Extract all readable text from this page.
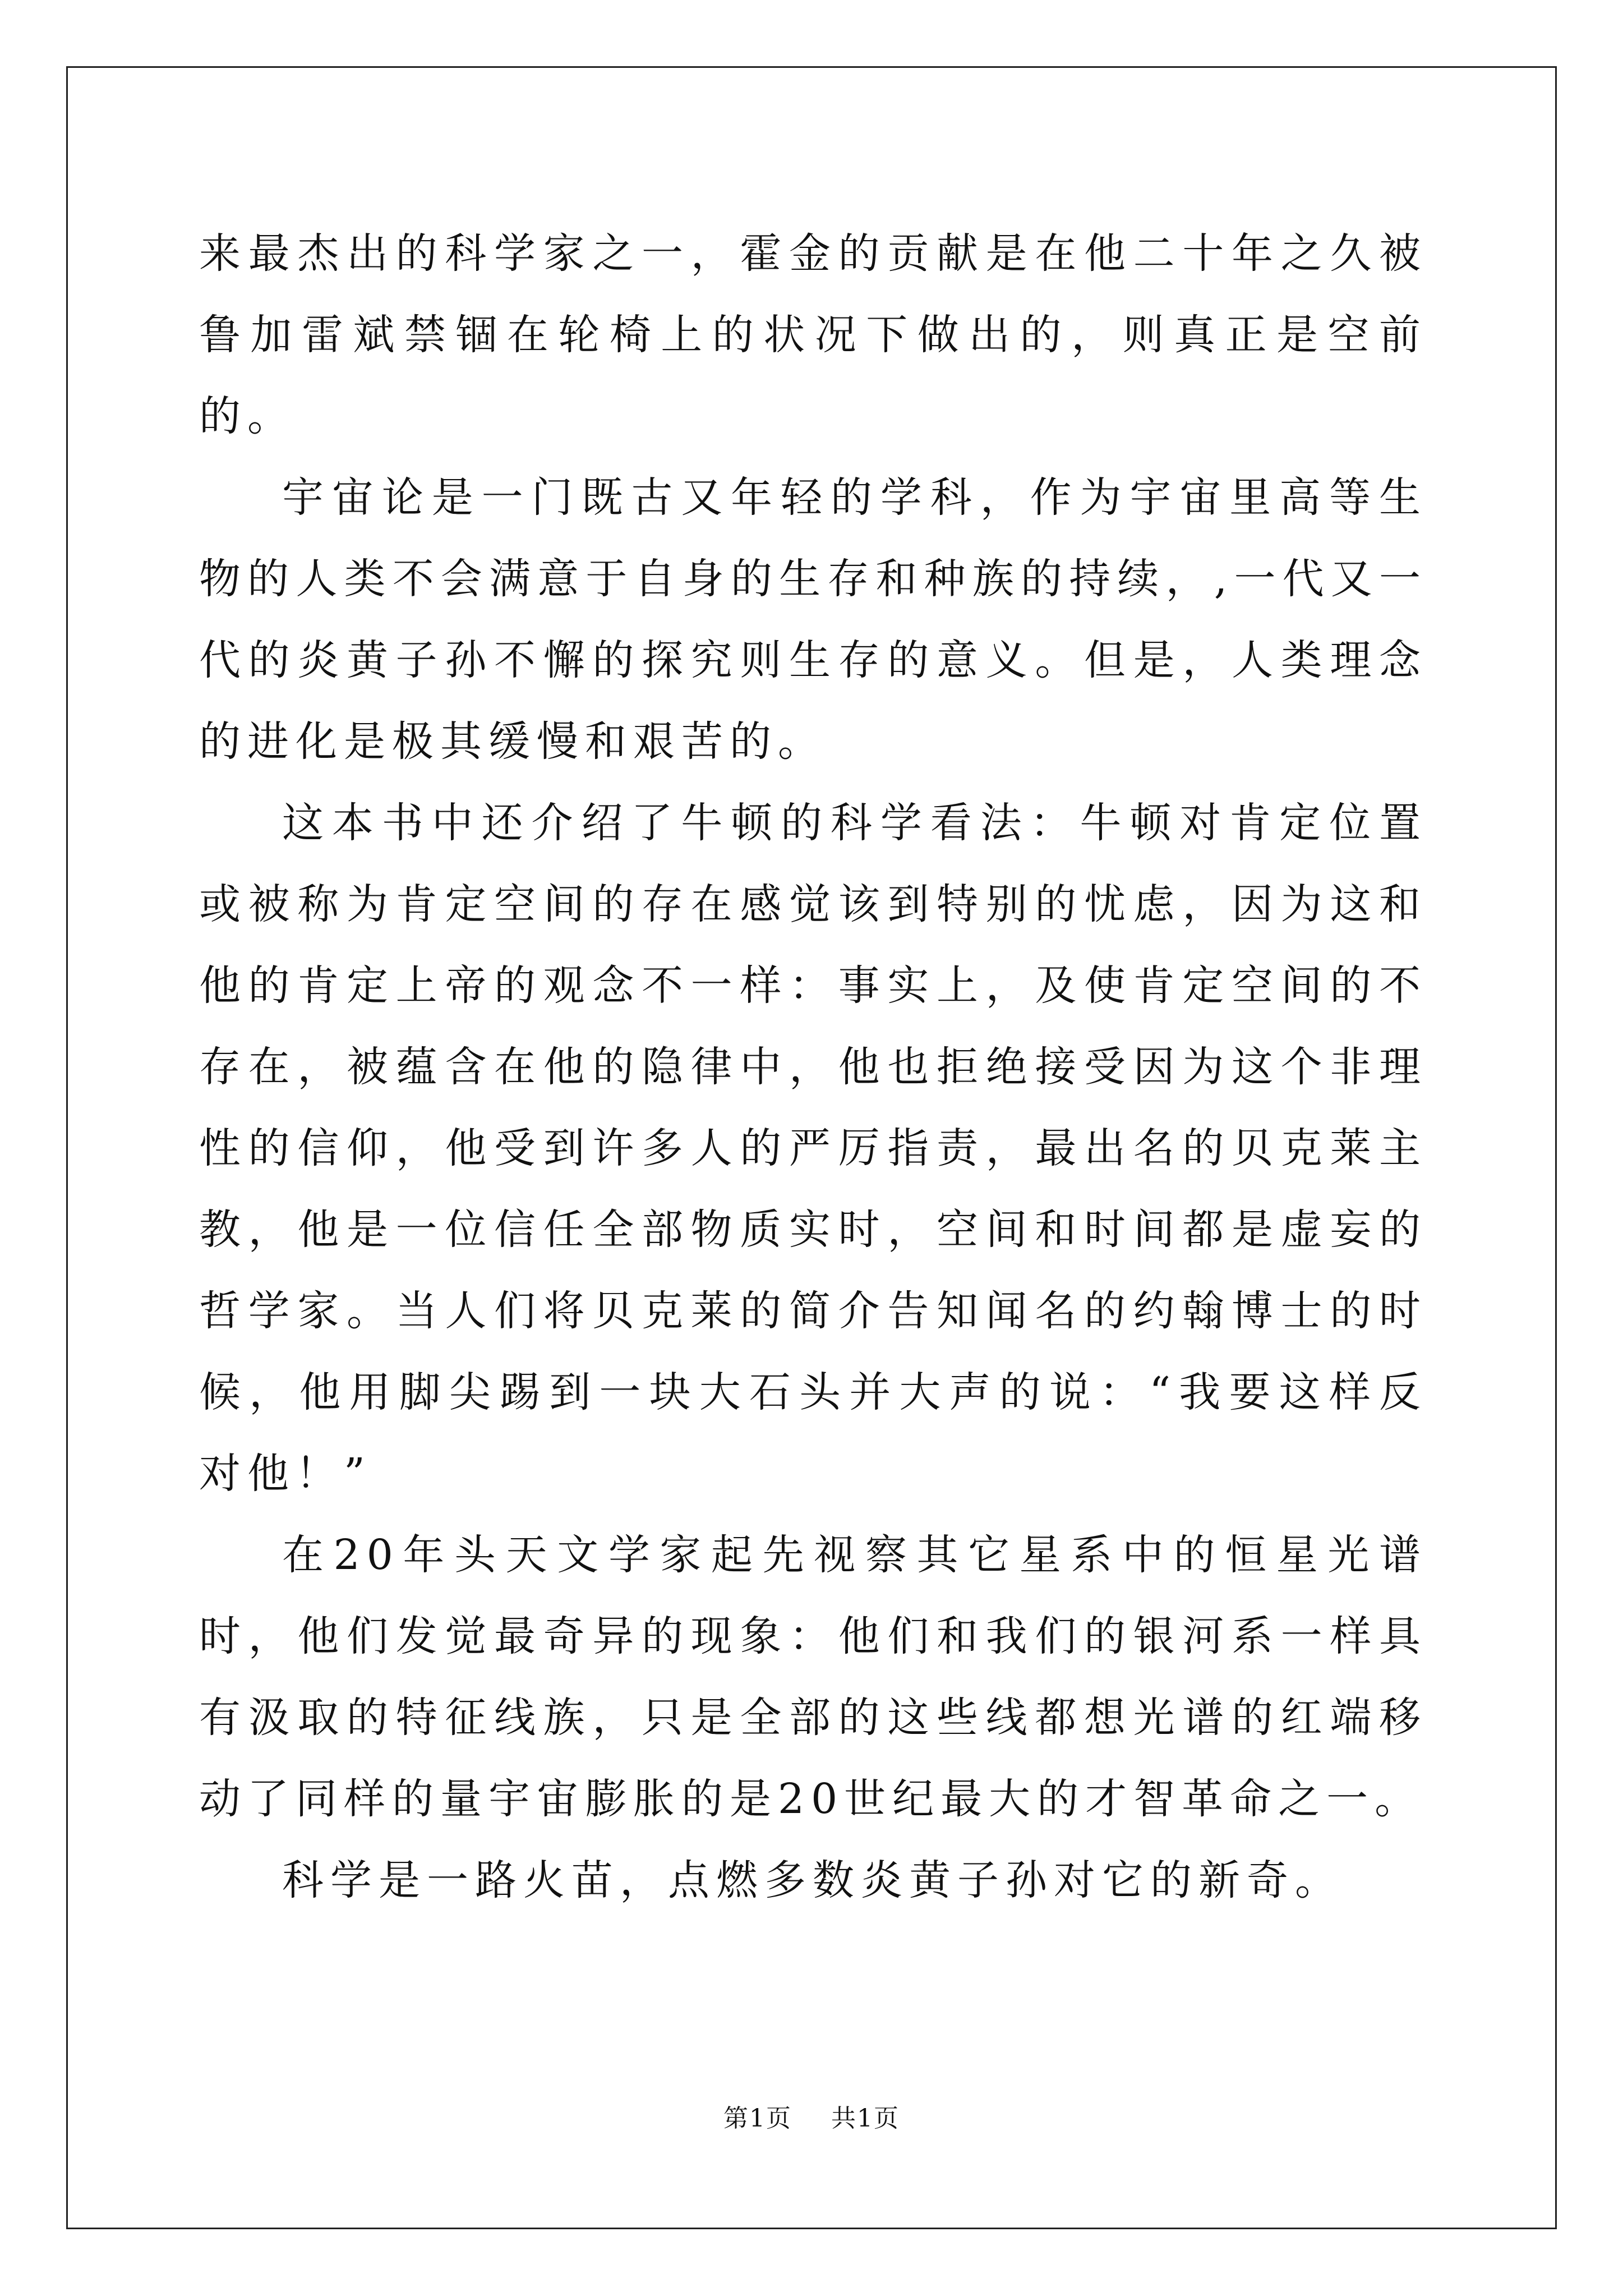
来最杰出的科学家之一，霍金的贡献是在他二十年之久被鲁加雷斌禁锢在轮椅上的状况下做出的，则真正是空前的。

宇宙论是一门既古又年轻的学科，作为宇宙里高等生物的人类不会满意于自身的生存和种族的持续，,一代又一代的炎黄子孙不懈的探究则生存的意义。但是，人类理念的进化是极其缓慢和艰苦的。

这本书中还介绍了牛顿的科学看法：牛顿对肯定位置或被称为肯定空间的存在感觉该到特别的忧虑，因为这和他的肯定上帝的观念不一样：事实上，及使肯定空间的不存在，被蕴含在他的隐律中，他也拒绝接受因为这个非理性的信仰，他受到许多人的严厉指责，最出名的贝克莱主教，他是一位信任全部物质实时，空间和时间都是虚妄的哲学家。当人们将贝克莱的简介告知闻名的约翰博士的时候，他用脚尖踢到一块大石头并大声的说：“我要这样反对他！”

在20年头天文学家起先视察其它星系中的恒星光谱时，他们发觉最奇异的现象：他们和我们的银河系一样具有汲取的特征线族，只是全部的这些线都想光谱的红端移动了同样的量宇宙膨胀的是20世纪最大的才智革命之一。

科学是一路火苗，点燃多数炎黄子孙对它的新奇。

第1页 共1页
